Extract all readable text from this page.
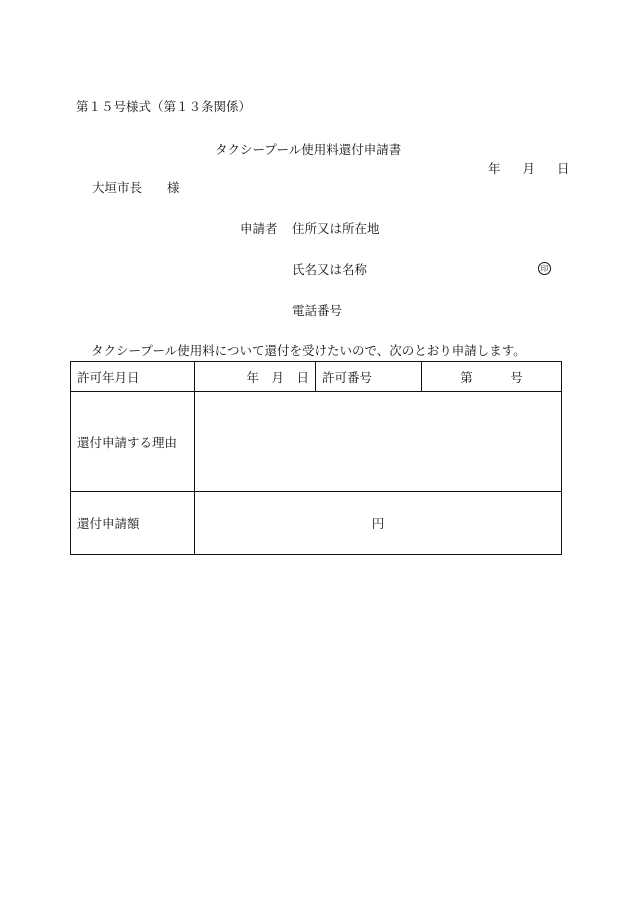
第１５号様式（第１３条関係）
タクシープール使用料還付申請書
年 月 日
大垣市長　　様
申請者 住所又は所在地
氏名又は名称	印
電話番号
タクシープール使用料について還付を受けたいので、次のとおり申請します。
許可年月日	年　月　日	許可番号	第　　　号
還付申請する理由			
還付申請額	円		
